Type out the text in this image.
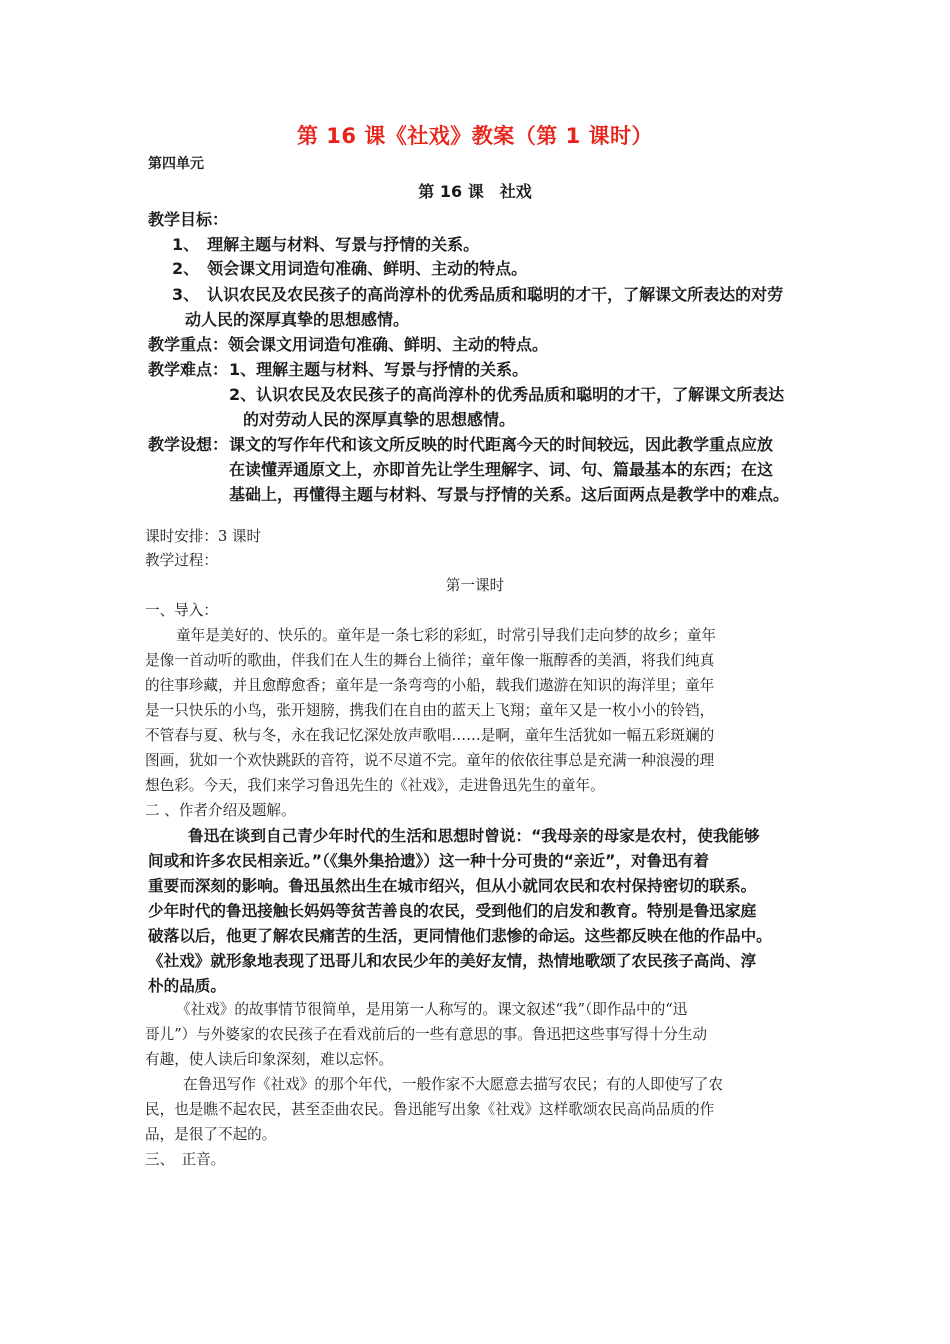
第 16 课《社戏》教案（第 1 课时）
第四单元
第 16 课　社戏
教学目标：
1、　理解主题与材料、写景与抒情的关系。
2、　领会课文用词造句准确、鲜明、主动的特点。
3、　认识农民及农民孩子的高尚淳朴的优秀品质和聪明的才干，了解课文所表达的对劳
动人民的深厚真挚的思想感情。
教学重点：领会课文用词造句准确、鲜明、主动的特点。
教学难点： 1、理解主题与材料、写景与抒情的关系。
2、认识农民及农民孩子的高尚淳朴的优秀品质和聪明的才干，了解课文所表达
的对劳动人民的深厚真挚的思想感情。
教学设想： 课文的写作年代和该文所反映的时代距离今天的时间较远，因此教学重点应放
在读懂弄通原文上，亦即首先让学生理解字、词、句、篇最基本的东西；在这
基础上，再懂得主题与材料、写景与抒情的关系。这后面两点是教学中的难点。
课时安排：3 课时
教学过程：
第一课时
一、导入：
童年是美好的、快乐的。童年是一条七彩的彩虹，时常引导我们走向梦的故乡；童年
是像一首动听的歌曲，伴我们在人生的舞台上徜徉；童年像一瓶醇香的美酒，将我们纯真
的往事珍藏，并且愈醇愈香；童年是一条弯弯的小船，载我们遨游在知识的海洋里；童年
是一只快乐的小鸟，张开翅膀，携我们在自由的蓝天上飞翔；童年又是一枚小小的铃铛，
不管春与夏、秋与冬，永在我记忆深处放声歌唱……是啊，童年生活犹如一幅五彩斑斓的
图画，犹如一个欢快跳跃的音符，说不尽道不完。童年的依依往事总是充满一种浪漫的理
想色彩。今天，我们来学习鲁迅先生的《社戏》，走进鲁迅先生的童年。
二 、作者介绍及题解。
鲁迅在谈到自己青少年时代的生活和思想时曾说：“我母亲的母家是农村，使我能够
间或和许多农民相亲近。”（《集外集拾遗》）这一种十分可贵的“亲近”，对鲁迅有着
重要而深刻的影响。鲁迅虽然出生在城市绍兴，但从小就同农民和农村保持密切的联系。
少年时代的鲁迅接触长妈妈等贫苦善良的农民，受到他们的启发和教育。特别是鲁迅家庭
破落以后，他更了解农民痛苦的生活，更同情他们悲惨的命运。这些都反映在他的作品中。
《社戏》就形象地表现了迅哥儿和农民少年的美好友情，热情地歌颂了农民孩子高尚、淳
朴的品质。
《社戏》的故事情节很简单，是用第一人称写的。课文叙述“我”（即作品中的“迅
哥儿”）与外婆家的农民孩子在看戏前后的一些有意思的事。鲁迅把这些事写得十分生动
有趣，使人读后印象深刻，难以忘怀。
在鲁迅写作《社戏》的那个年代，一般作家不大愿意去描写农民；有的人即使写了农
民，也是瞧不起农民，甚至歪曲农民。鲁迅能写出象《社戏》这样歌颂农民高尚品质的作
品，是很了不起的。
三、　正音。
